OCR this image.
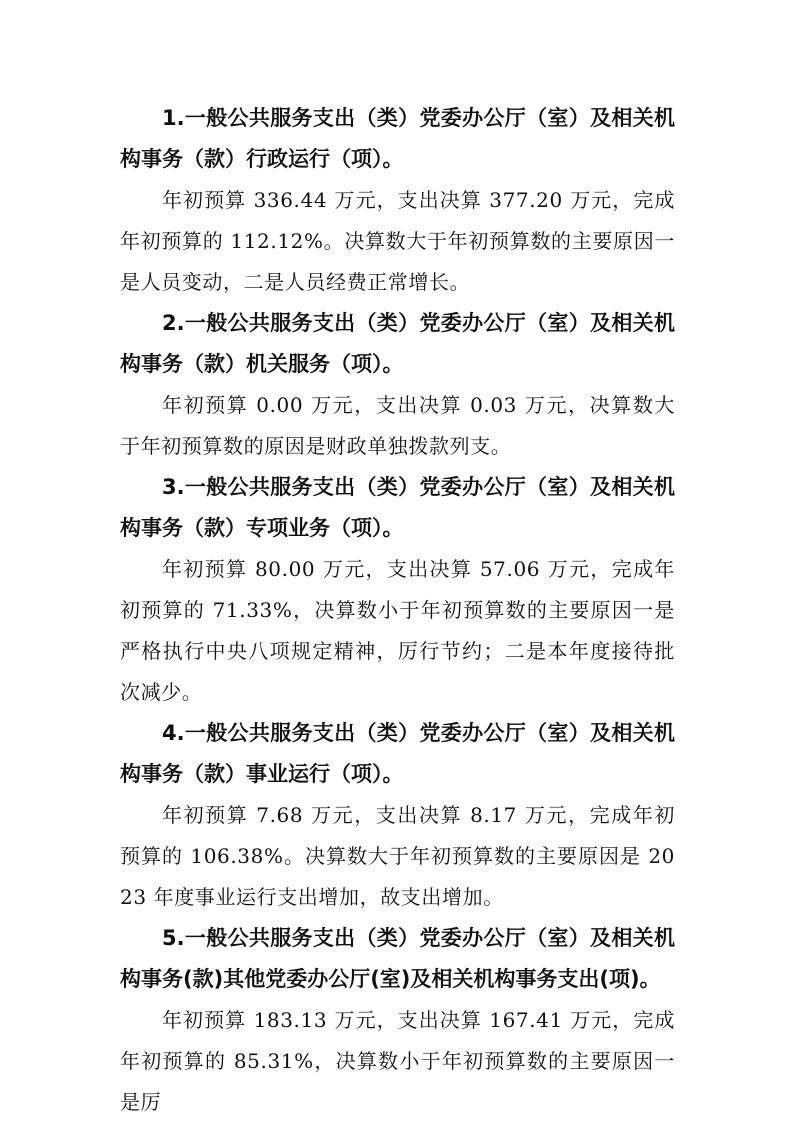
1.一般公共服务支出（类）党委办公厅（室）及相关机构事务（款）行政运行（项）。

年初预算 336.44 万元，支出决算 377.20 万元，完成年初预算的 112.12%。决算数大于年初预算数的主要原因一是人员变动，二是人员经费正常增长。

2.一般公共服务支出（类）党委办公厅（室）及相关机构事务（款）机关服务（项）。

年初预算 0.00 万元，支出决算 0.03 万元，决算数大于年初预算数的原因是财政单独拨款列支。

3.一般公共服务支出（类）党委办公厅（室）及相关机构事务（款）专项业务（项）。

年初预算 80.00 万元，支出决算 57.06 万元，完成年初预算的 71.33%，决算数小于年初预算数的主要原因一是严格执行中央八项规定精神，厉行节约；二是本年度接待批次减少。

4.一般公共服务支出（类）党委办公厅（室）及相关机构事务（款）事业运行（项）。

年初预算 7.68 万元，支出决算 8.17 万元，完成年初预算的 106.38%。决算数大于年初预算数的主要原因是 2023 年度事业运行支出增加，故支出增加。

5.一般公共服务支出（类）党委办公厅（室）及相关机构事务(款)其他党委办公厅(室)及相关机构事务支出(项)。

年初预算 183.13 万元，支出决算 167.41 万元，完成年初预算的 85.31%，决算数小于年初预算数的主要原因一是厉
